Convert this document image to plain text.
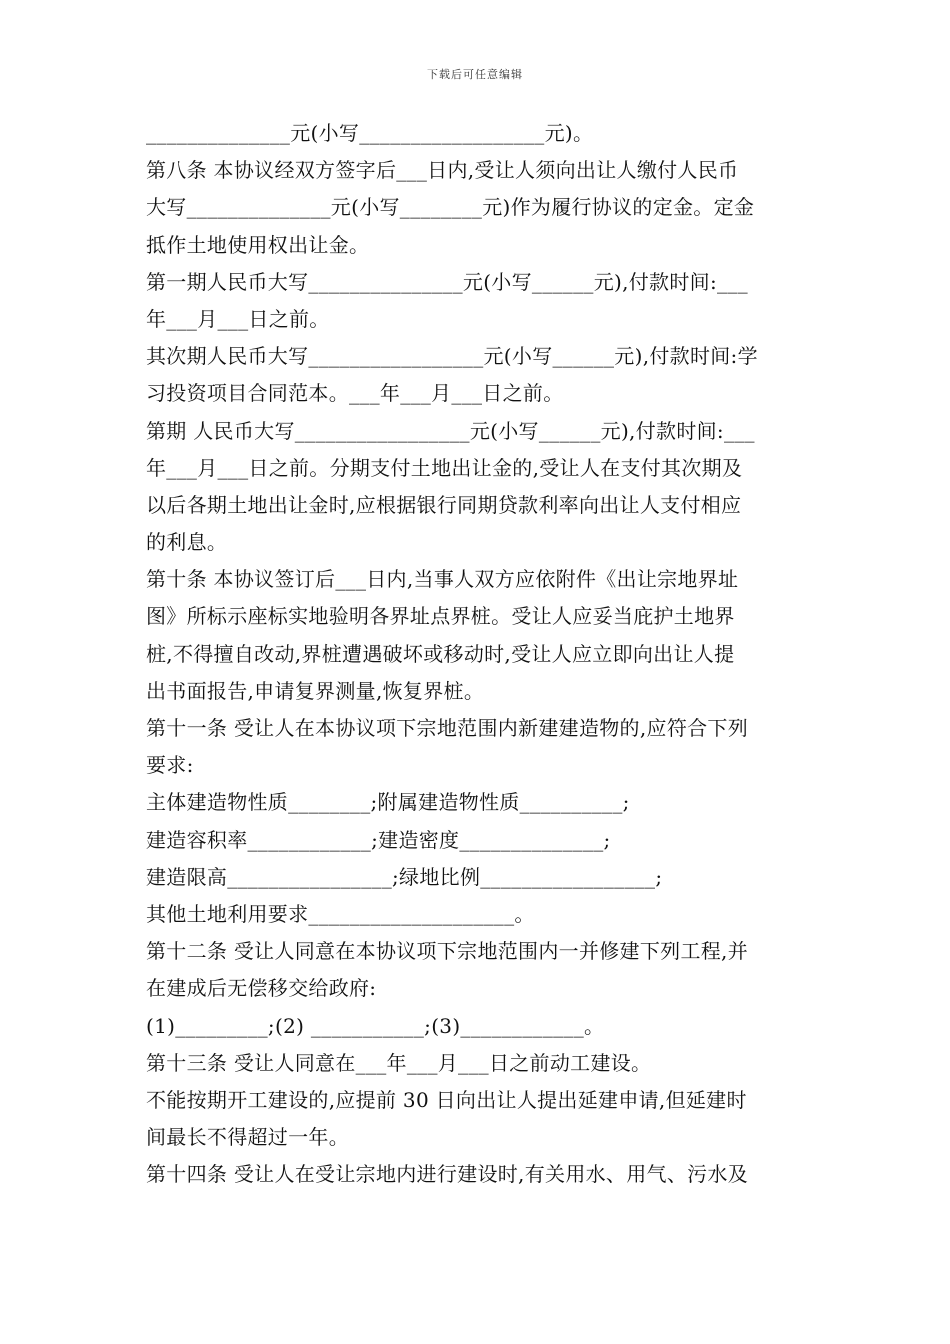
下载后可任意编辑
______________元(小写__________________元)。
第八条 本协议经双方签字后___日内,受让人须向出让人缴付人民币
大写______________元(小写________元)作为履行协议的定金。定金
抵作土地使用权出让金。
第一期人民币大写_______________元(小写______元),付款时间:___
年___月___日之前。
其次期人民币大写_________________元(小写______元),付款时间:学
习投资项目合同范本。___年___月___日之前。
第期 人民币大写_________________元(小写______元),付款时间:___
年___月___日之前。分期支付土地出让金的,受让人在支付其次期及
以后各期土地出让金时,应根据银行同期贷款利率向出让人支付相应
的利息。
第十条 本协议签订后___日内,当事人双方应依附件《出让宗地界址
图》所标示座标实地验明各界址点界桩。受让人应妥当庇护土地界
桩,不得擅自改动,界桩遭遇破坏或移动时,受让人应立即向出让人提
出书面报告,申请复界测量,恢复界桩。
第十一条 受让人在本协议项下宗地范围内新建建造物的,应符合下列
要求:
主体建造物性质________;附属建造物性质__________;
建造容积率____________;建造密度______________;
建造限高________________;绿地比例_________________;
其他土地利用要求____________________。
第十二条 受让人同意在本协议项下宗地范围内一并修建下列工程,并
在建成后无偿移交给政府:
(1)_________;(2) ___________;(3)____________。
第十三条 受让人同意在___年___月___日之前动工建设。
不能按期开工建设的,应提前 30 日向出让人提出延建申请,但延建时
间最长不得超过一年。
第十四条 受让人在受让宗地内进行建设时,有关用水、用气、污水及
